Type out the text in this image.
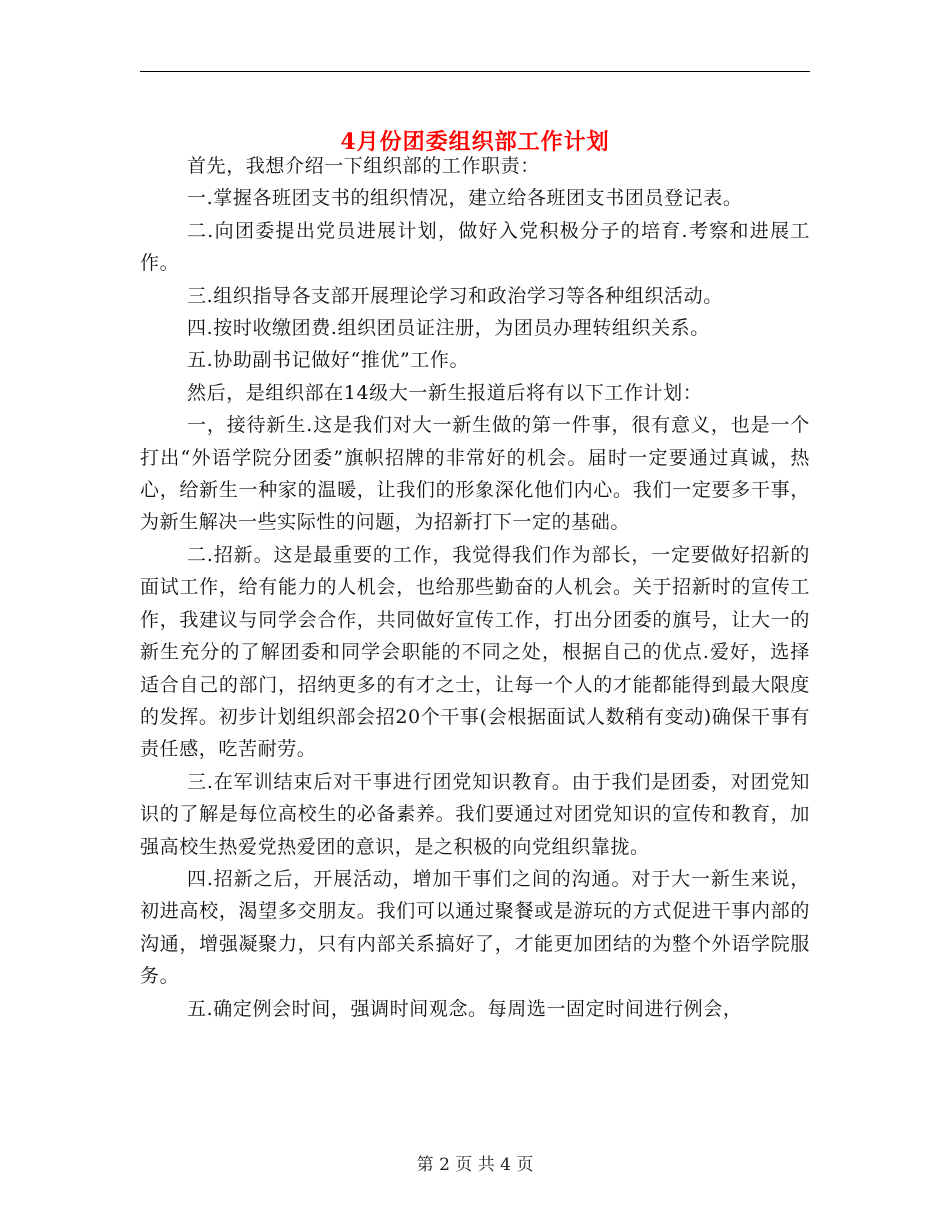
4月份团委组织部工作计划

首先，我想介绍一下组织部的工作职责：

一.掌握各班团支书的组织情况，建立给各班团支书团员登记表。

二.向团委提出党员进展计划，做好入党积极分子的培育.考察和进展工作。

三.组织指导各支部开展理论学习和政治学习等各种组织活动。

四.按时收缴团费.组织团员证注册，为团员办理转组织关系。

五.协助副书记做好“推优”工作。

然后，是组织部在14级大一新生报道后将有以下工作计划：

一，接待新生.这是我们对大一新生做的第一件事，很有意义，也是一个打出“外语学院分团委”旗帜招牌的非常好的机会。届时一定要通过真诚，热心，给新生一种家的温暖，让我们的形象深化他们内心。我们一定要多干事，为新生解决一些实际性的问题，为招新打下一定的基础。

二.招新。这是最重要的工作，我觉得我们作为部长，一定要做好招新的面试工作，给有能力的人机会，也给那些勤奋的人机会。关于招新时的宣传工作，我建议与同学会合作，共同做好宣传工作，打出分团委的旗号，让大一的新生充分的了解团委和同学会职能的不同之处，根据自己的优点.爱好，选择适合自己的部门，招纳更多的有才之士，让每一个人的才能都能得到最大限度的发挥。初步计划组织部会招20个干事(会根据面试人数稍有变动)确保干事有责任感，吃苦耐劳。

三.在军训结束后对干事进行团党知识教育。由于我们是团委，对团党知识的了解是每位高校生的必备素养。我们要通过对团党知识的宣传和教育，加强高校生热爱党热爱团的意识，是之积极的向党组织靠拢。

四.招新之后，开展活动，增加干事们之间的沟通。对于大一新生来说，初进高校，渴望多交朋友。我们可以通过聚餐或是游玩的方式促进干事内部的沟通，增强凝聚力，只有内部关系搞好了，才能更加团结的为整个外语学院服务。

五.确定例会时间，强调时间观念。每周选一固定时间进行例会，

第 2 页 共 4 页
